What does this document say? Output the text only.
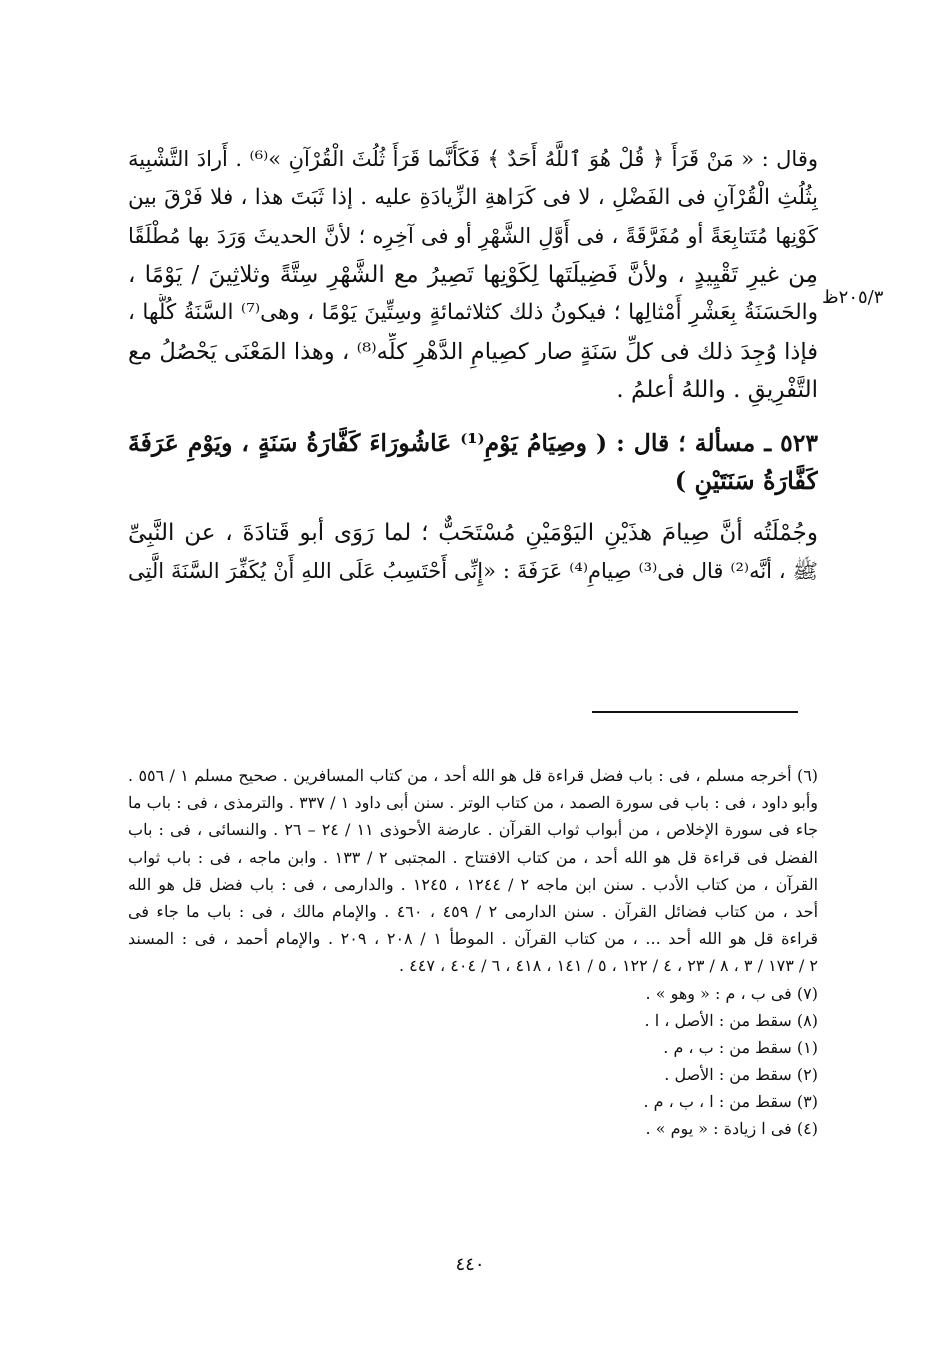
٢٠٥/٣ظ
وقال : « مَنْ قَرَأَ ﴿ قُلْ هُوَ ٱللَّهُ أَحَدٌ ﴾ فَكَأَنَّما قَرَأَ ثُلُثَ الْقُرْآنِ »⁽⁶⁾ . أَرادَ التَّشْبِيهَ
بِثُلُثِ الْقُرْآنِ فى الفَضْلِ ، لا فى كَرَاهةِ الزِّيادَةِ عليه . إذا ثَبَتَ هذا ، فلا فَرْقَ بين
كَوْنِها مُتَتابِعَةً أو مُفَرَّقَةً ، فى أَوَّلِ الشَّهْرِ أو فى آخِرِه ؛ لأنَّ الحديثَ وَرَدَ بها مُطْلَقًا
مِن غيرِ تَقْيِيدٍ ، ولأنَّ فَضِيلَتَها لِكَوْنِها تَصِيرُ مع الشَّهْرِ سِتَّةً وثلاثِينَ / يَوْمًا ،
والحَسَنَةُ بِعَشْرِ أَمْثالِها ؛ فيكونُ ذلك كثلاثمائةٍ وسِتِّينَ يَوْمًا ، وهى⁽⁷⁾ السَّنَةُ كُلُّها ،
فإذا وُجِدَ ذلك فى كلِّ سَنَةٍ صار كصِيامِ الدَّهْرِ كلِّه⁽⁸⁾ ، وهذا المَعْنَى يَحْصُلُ مع
التَّفْرِيقِ . واللهُ أعلمُ .
٥٢٣ ـ مسألة ؛ قال : ( وصِيَامُ يَوْمِ⁽¹⁾ عَاشُورَاءَ كَفَّارَةُ سَنَةٍ ، ويَوْمِ عَرَفَةَ
كَفَّارَةُ سَنَتَيْنِ )
وجُمْلَتُه أنَّ صِيامَ هذَيْنِ اليَوْمَيْنِ مُسْتَحَبٌّ ؛ لما رَوَى أبو قَتادَةَ ، عن النَّبِىِّ
ﷺ ، أنَّه⁽²⁾ قال فى⁽³⁾ صِيامِ⁽⁴⁾ عَرَفَةَ : «إِنِّى أَحْتَسِبُ عَلَى اللهِ أَنْ يُكَفِّرَ السَّنَةَ الَّتِى
(٦) أخرجه مسلم ، فى : باب فضل قراءة قل هو الله أحد ، من كتاب المسافرين . صحيح مسلم ١ / ٥٥٦ .
وأبو داود ، فى : باب فى سورة الصمد ، من كتاب الوتر . سنن أبى داود ١ / ٣٣٧ . والترمذى ، فى : باب ما
جاء فى سورة الإخلاص ، من أبواب ثواب القرآن . عارضة الأحوذى ١١ / ٢٤ – ٢٦ . والنسائى ، فى : باب
الفضل فى قراءة قل هو الله أحد ، من كتاب الافتتاح . المجتبى ٢ / ١٣٣ . وابن ماجه ، فى : باب ثواب
القرآن ، من كتاب الأدب . سنن ابن ماجه ٢ / ١٢٤٤ ، ١٢٤٥ . والدارمى ، فى : باب فضل قل هو الله
أحد ، من كتاب فضائل القرآن . سنن الدارمى ٢ / ٤٥٩ ، ٤٦٠ . والإمام مالك ، فى : باب ما جاء فى
قراءة قل هو الله أحد ... ، من كتاب القرآن . الموطأ ١ / ٢٠٨ ، ٢٠٩ . والإمام أحمد ، فى : المسند
٢ / ١٧٣ / ٣ ، ٨ / ٢٣ ، ٤ / ١٢٢ ، ٥ / ١٤١ ، ٤١٨ ، ٦ / ٤٠٤ ، ٤٤٧ .
(٧) فى ب ، م : « وهو » .
(٨) سقط من : الأصل ، ا .
(١) سقط من : ب ، م .
(٢) سقط من : الأصل .
(٣) سقط من : ا ، ب ، م .
(٤) فى ا زيادة : « يوم » .
٤٤٠
